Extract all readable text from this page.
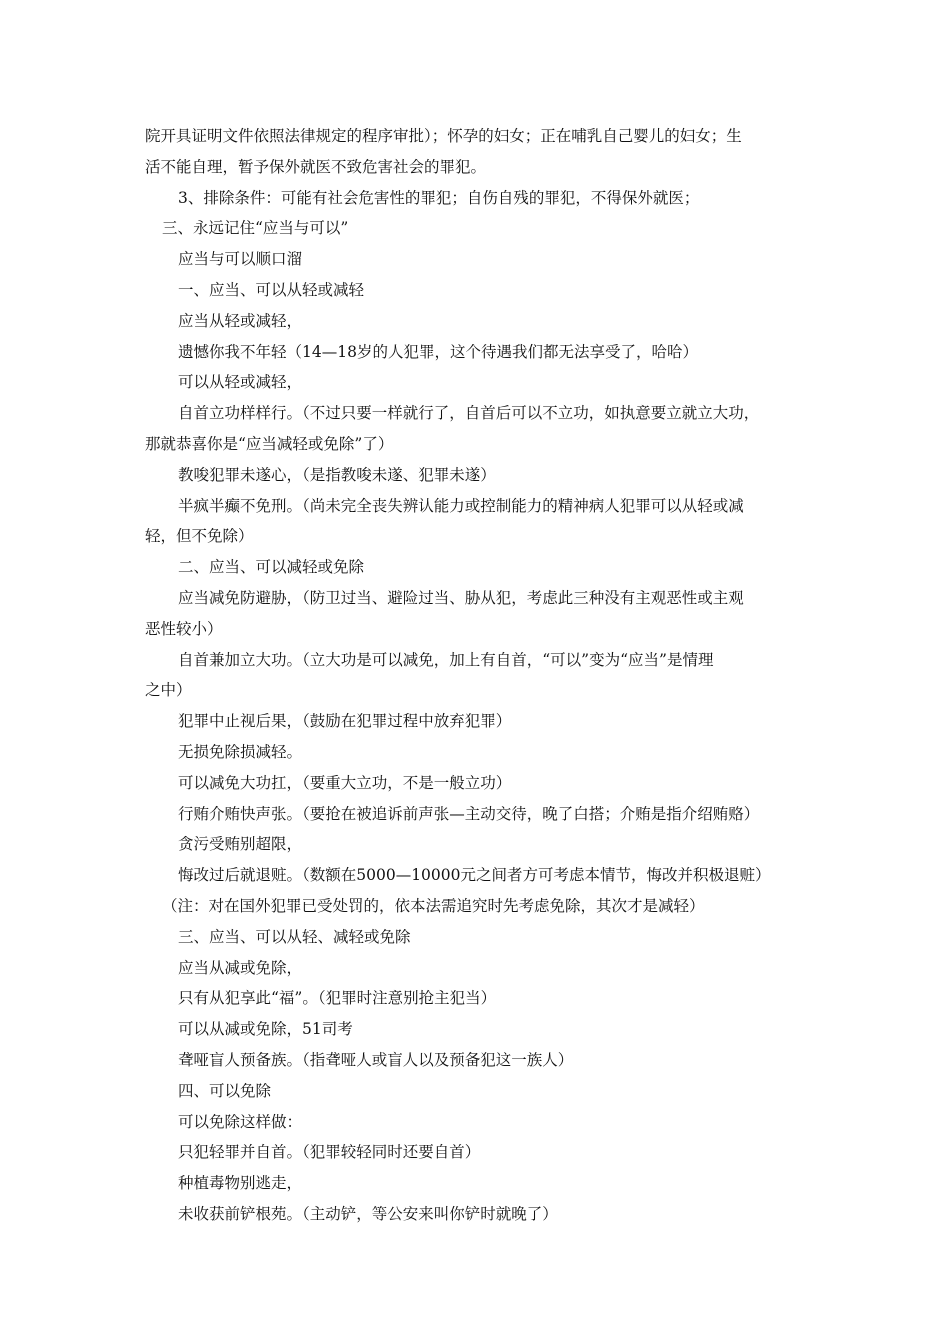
院开具证明文件依照法律规定的程序审批）；怀孕的妇女；正在哺乳自己婴儿的妇女；生
活不能自理，暂予保外就医不致危害社会的罪犯。
3、排除条件：可能有社会危害性的罪犯；自伤自残的罪犯，不得保外就医；
三、永远记住“应当与可以”
应当与可以顺口溜
一、应当、可以从轻或减轻
应当从轻或减轻，
遗憾你我不年轻（14—18岁的人犯罪，这个待遇我们都无法享受了，哈哈）
可以从轻或减轻，
自首立功样样行。（不过只要一样就行了，自首后可以不立功，如执意要立就立大功，
那就恭喜你是“应当减轻或免除”了）
教唆犯罪未遂心，（是指教唆未遂、犯罪未遂）
半疯半癫不免刑。（尚未完全丧失辨认能力或控制能力的精神病人犯罪可以从轻或减
轻，但不免除）
二、应当、可以减轻或免除
应当减免防避胁，（防卫过当、避险过当、胁从犯，考虑此三种没有主观恶性或主观
恶性较小）
自首兼加立大功。（立大功是可以减免，加上有自首，“可以”变为“应当”是情理
之中）
犯罪中止视后果，（鼓励在犯罪过程中放弃犯罪）
无损免除损减轻。
可以减免大功扛，（要重大立功，不是一般立功）
行贿介贿快声张。（要抢在被追诉前声张—主动交待，晚了白搭；介贿是指介绍贿赂）
贪污受贿别超限，
悔改过后就退赃。（数额在5000—10000元之间者方可考虑本情节，悔改并积极退赃）
（注：对在国外犯罪已受处罚的，依本法需追究时先考虑免除，其次才是减轻）
三、应当、可以从轻、减轻或免除
应当从减或免除，
只有从犯享此“福”。（犯罪时注意别抢主犯当）
可以从减或免除，51司考
聋哑盲人预备族。（指聋哑人或盲人以及预备犯这一族人）
四、可以免除
可以免除这样做：
只犯轻罪并自首。（犯罪较轻同时还要自首）
种植毒物别逃走，
未收获前铲根苑。（主动铲，等公安来叫你铲时就晚了）
